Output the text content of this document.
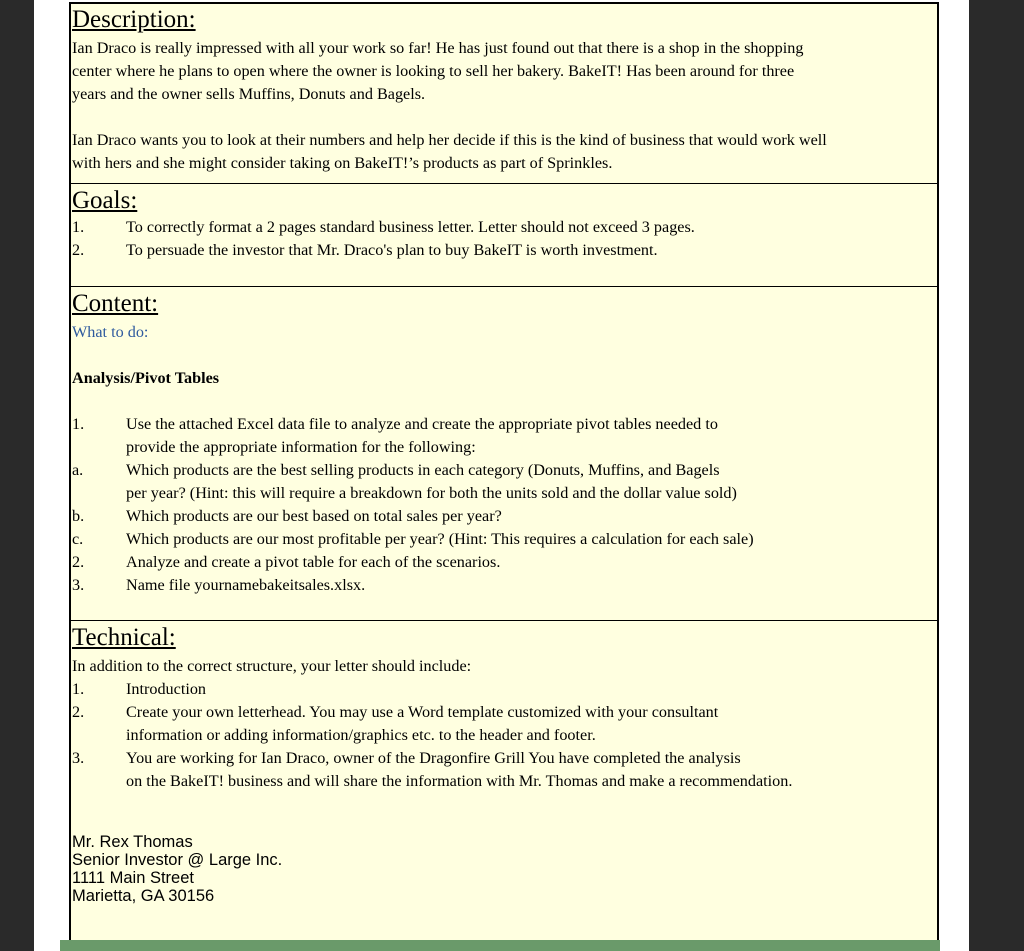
Description:
Ian Draco is really impressed with all your work so far! He has just found out that there is a shop in the shopping
center where he plans to open where the owner is looking to sell her bakery. BakeIT! Has been around for three
years and the owner sells Muffins, Donuts and Bagels.
Ian Draco wants you to look at their numbers and help her decide if this is the kind of business that would work well
with hers and she might consider taking on BakeIT!’s products as part of Sprinkles.
Goals:
1.	To correctly format a 2 pages standard business letter. Letter should not exceed 3 pages.
2.	To persuade the investor that Mr. Draco's plan to buy BakeIT is worth investment.
Content:
What to do:
Analysis/Pivot Tables
1.	Use the attached Excel data file to analyze and create the appropriate pivot tables needed to
provide the appropriate information for the following:
a.	Which products are the best selling products in each category (Donuts, Muffins, and Bagels
per year? (Hint: this will require a breakdown for both the units sold and the dollar value sold)
b.	Which products are our best based on total sales per year?
c.	Which products are our most profitable per year? (Hint: This requires a calculation for each sale)
2.	Analyze and create a pivot table for each of the scenarios.
3.	Name file yournamebakeitsales.xlsx.
Technical:
In addition to the correct structure, your letter should include:
1.	Introduction
2.	Create your own letterhead. You may use a Word template customized with your consultant
information or adding information/graphics etc. to the header and footer.
3.	You are working for Ian Draco, owner of the Dragonfire Grill You have completed the analysis
on the BakeIT! business and will share the information with Mr. Thomas and make a recommendation.
Mr. Rex Thomas
Senior Investor @ Large Inc.
1111 Main Street
Marietta, GA 30156
